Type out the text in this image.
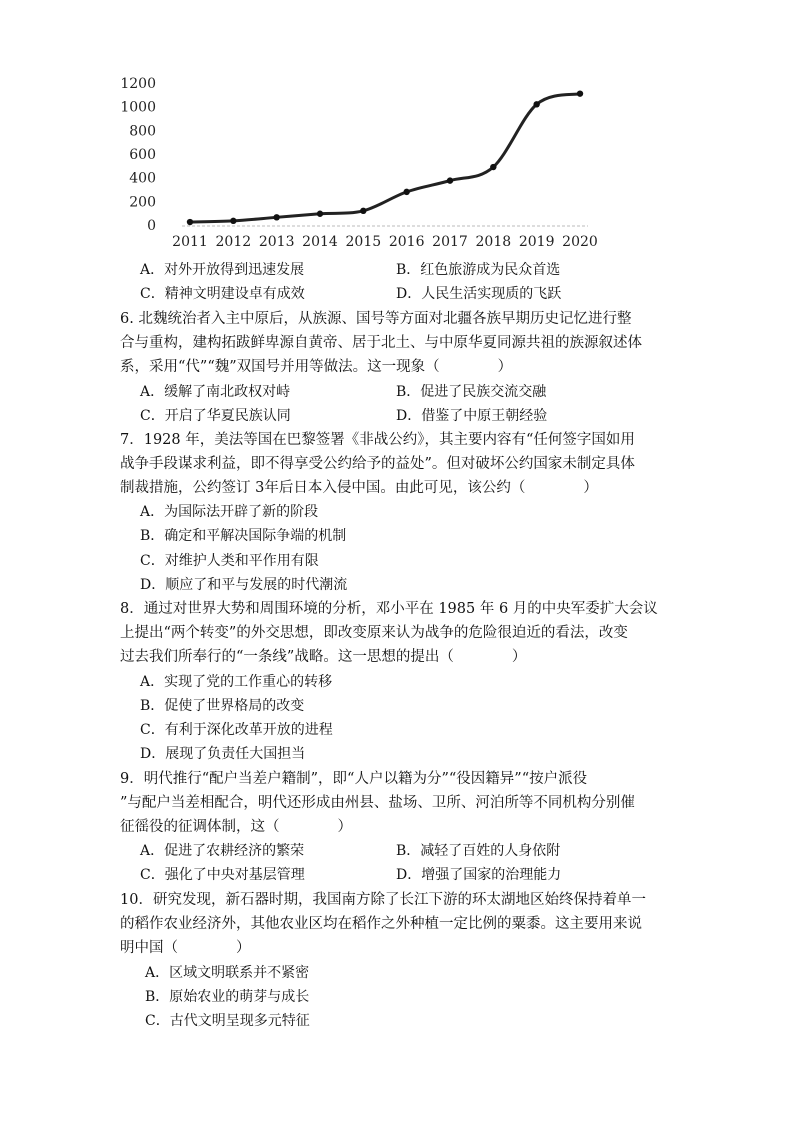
0
200
400
600
800
1000
1200
2011 2012 2013 2014 2015 2016 2017 2018 2019 2020
A．对外开放得到迅速发展	B．红色旅游成为民众首选
C．精神文明建设卓有成效	D．人民生活实现质的飞跃
6. 北魏统治者入主中原后，从族源、国号等方面对北疆各族早期历史记忆进行整
合与重构，建构拓跋鲜卑源自黄帝、居于北土、与中原华夏同源共祖的族源叙述体
系，采用“代”“魏”双国号并用等做法。这一现象（　　　　）
A．缓解了南北政权对峙	B．促进了民族交流交融
C．开启了华夏民族认同	D．借鉴了中原王朝经验
7．1928 年，美法等国在巴黎签署《非战公约》，其主要内容有“任何签字国如用
战争手段谋求利益，即不得享受公约给予的益处”。但对破坏公约国家未制定具体
制裁措施，公约签订 3年后日本入侵中国。由此可见，该公约（　　　　）
A．为国际法开辟了新的阶段
B．确定和平解决国际争端的机制
C．对维护人类和平作用有限
D．顺应了和平与发展的时代潮流
8．通过对世界大势和周围环境的分析，邓小平在 1985 年 6 月的中央军委扩大会议
上提出“两个转变”的外交思想，即改变原来认为战争的危险很迫近的看法，改变
过去我们所奉行的“一条线”战略。这一思想的提出（　　　　）
A．实现了党的工作重心的转移
B．促使了世界格局的改变
C．有利于深化改革开放的进程
D．展现了负责任大国担当
9．明代推行“配户当差户籍制”，即“人户以籍为分”“役因籍异”“按户派役
”与配户当差相配合，明代还形成由州县、盐场、卫所、河泊所等不同机构分别催
征徭役的征调体制，这（　　　　）
A．促进了农耕经济的繁荣	B．减轻了百姓的人身依附
C．强化了中央对基层管理	D．增强了国家的治理能力
10．研究发现，新石器时期，我国南方除了长江下游的环太湖地区始终保持着单一
的稻作农业经济外，其他农业区均在稻作之外种植一定比例的粟黍。这主要用来说
明中国（　　　　）
A．区域文明联系并不紧密
B．原始农业的萌芽与成长
C．古代文明呈现多元特征
